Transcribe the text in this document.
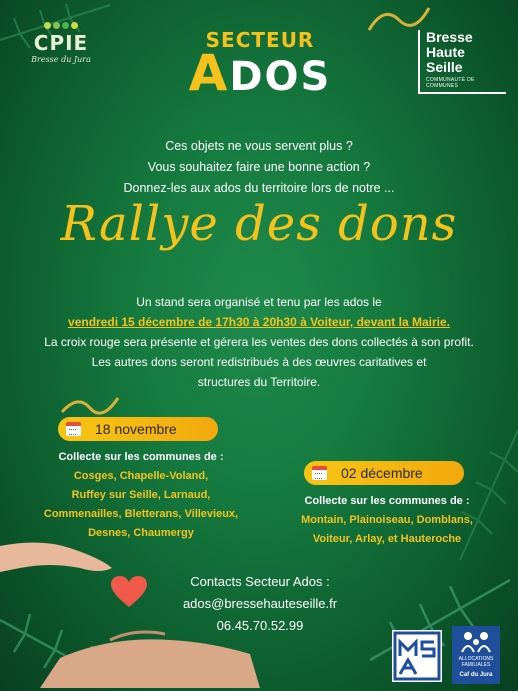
CPIE
Bresse du Jura
SECTEUR
ADOS
Bresse
Haute
Seille
COMMUNAUTÉ DE COMMUNES
Ces objets ne vous servent plus ?
Vous souhaitez faire une bonne action ?
Donnez-les aux ados du territoire lors de notre ...
Rallye des dons
Un stand sera organisé et tenu par les ados le
vendredi 15 décembre de 17h30 à 20h30 à Voiteur, devant la Mairie.
La croix rouge sera présente et gérera les ventes des dons collectés à son profit.
Les autres dons seront redistribués à des œuvres caritatives et
structures du Territoire.
18 novembre
Collecte sur les communes de :
Cosges, Chapelle-Voland,
Ruffey sur Seille, Larnaud,
Commenailles, Bletterans, Villevieux,
Desnes, Chaumergy
02 décembre
Collecte sur les communes de :
Montain, Plainoiseau, Domblans,
Voiteur, Arlay, et Hauteroche
Contacts Secteur Ados :
ados@bressehauteseille.fr
06.45.70.52.99
ALLOCATIONS FAMILIALES
Caf du Jura
